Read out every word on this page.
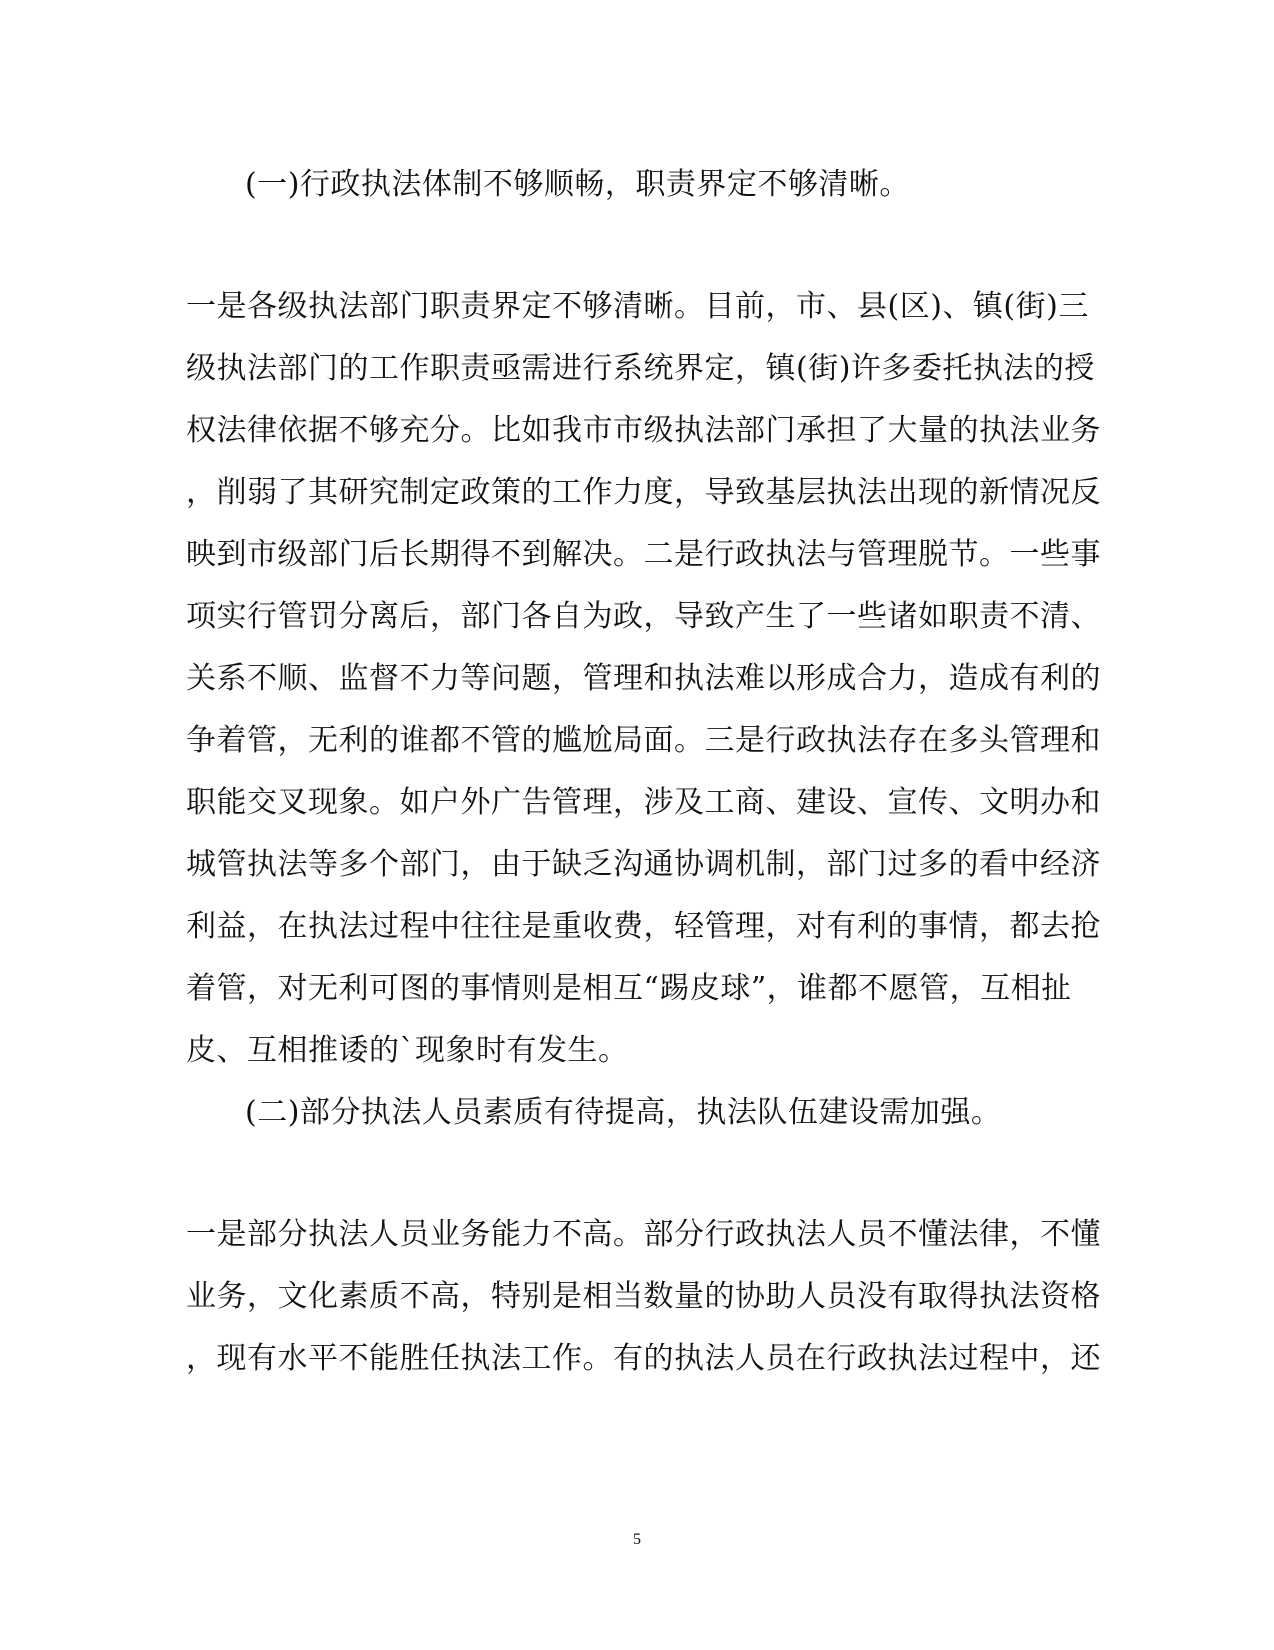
(一)行政执法体制不够顺畅，职责界定不够清晰。
一是各级执法部门职责界定不够清晰。目前，市、县(区)、镇(街)三
级执法部门的工作职责亟需进行系统界定，镇(街)许多委托执法的授
权法律依据不够充分。比如我市市级执法部门承担了大量的执法业务
，削弱了其研究制定政策的工作力度，导致基层执法出现的新情况反
映到市级部门后长期得不到解决。二是行政执法与管理脱节。一些事
项实行管罚分离后，部门各自为政，导致产生了一些诸如职责不清、
关系不顺、监督不力等问题，管理和执法难以形成合力，造成有利的
争着管，无利的谁都不管的尴尬局面。三是行政执法存在多头管理和
职能交叉现象。如户外广告管理，涉及工商、建设、宣传、文明办和
城管执法等多个部门，由于缺乏沟通协调机制，部门过多的看中经济
利益，在执法过程中往往是重收费，轻管理，对有利的事情，都去抢
着管，对无利可图的事情则是相互“踢皮球”，谁都不愿管，互相扯
皮、互相推诿的`现象时有发生。
(二)部分执法人员素质有待提高，执法队伍建设需加强。
一是部分执法人员业务能力不高。部分行政执法人员不懂法律，不懂
业务，文化素质不高，特别是相当数量的协助人员没有取得执法资格
，现有水平不能胜任执法工作。有的执法人员在行政执法过程中，还
5
